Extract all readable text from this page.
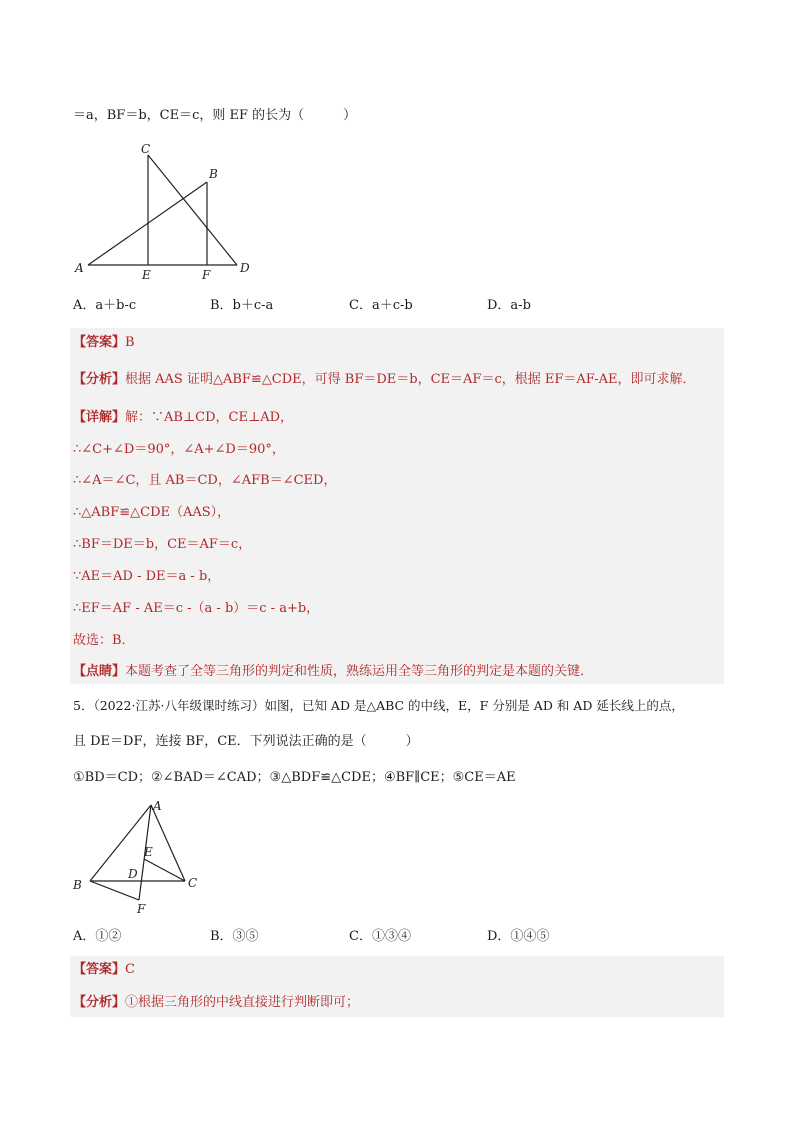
＝a，BF＝b，CE＝c，则 EF 的长为（　　　）
C
B
A	E	F D
A．a＋b-c	B．b＋c-a	C．a＋c-b	D．a-b
【答案】B
【分析】根据 AAS 证明△ABF≌△CDE，可得 BF＝DE＝b，CE＝AF＝c，根据 EF＝AF-AE，即可求解．
【详解】解：∵AB⊥CD，CE⊥AD，
∴∠C+∠D＝90°，∠A+∠D＝90°，
∴∠A＝∠C，且 AB＝CD，∠AFB＝∠CED，
∴△ABF≌△CDE（AAS），
∴BF＝DE＝b，CE＝AF＝c，
∵AE＝AD - DE＝a - b，
∴EF＝AF - AE＝c -（a - b）＝c - a+b，
故选：B．
【点睛】本题考查了全等三角形的判定和性质，熟练运用全等三角形的判定是本题的关键．
5．（2022·江苏·八年级课时练习）如图，已知 AD 是△ABC 的中线，E，F 分别是 AD 和 AD 延长线上的点，
且 DE＝DF，连接 BF，CE．下列说法正确的是（　　　）
①BD＝CD；②∠BAD＝∠CAD；③△BDF≌△CDE；④BF∥CE；⑤CE＝AE
A
E
D
B	C
F
A．①②	B．③⑤	C．①③④	D．①④⑤
【答案】C
【分析】①根据三角形的中线直接进行判断即可；
